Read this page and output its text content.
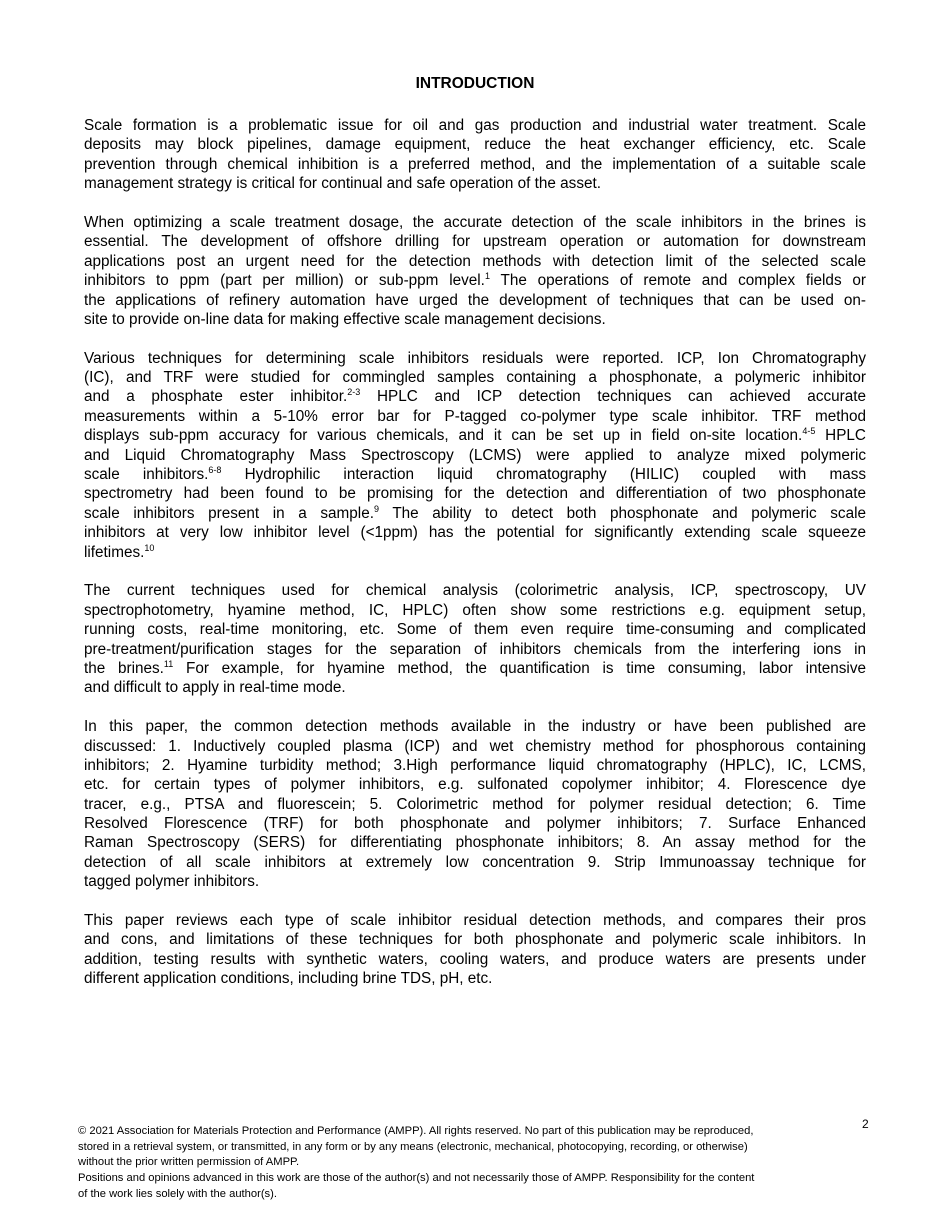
INTRODUCTION
Scale formation is a problematic issue for oil and gas production and industrial water treatment. Scale
deposits may block pipelines, damage equipment, reduce the heat exchanger efficiency, etc. Scale
prevention through chemical inhibition is a preferred method, and the implementation of a suitable scale
management strategy is critical for continual and safe operation of the asset.
When optimizing a scale treatment dosage, the accurate detection of the scale inhibitors in the brines is
essential. The development of offshore drilling for upstream operation or automation for downstream
applications post an urgent need for the detection methods with detection limit of the selected scale
inhibitors to ppm (part per million) or sub-ppm level.$^1$ The operations of remote and complex fields or
the applications of refinery automation have urged the development of techniques that can be used on-
site to provide on-line data for making effective scale management decisions.
Various techniques for determining scale inhibitors residuals were reported. ICP, Ion Chromatography
(IC), and TRF were studied for commingled samples containing a phosphonate, a polymeric inhibitor
and a phosphate ester inhibitor.$^{2-3}$ HPLC and ICP detection techniques can achieved accurate
measurements within a 5-10% error bar for P-tagged co-polymer type scale inhibitor. TRF method
displays sub-ppm accuracy for various chemicals, and it can be set up in field on-site location.$^{4-5}$ HPLC
and Liquid Chromatography Mass Spectroscopy (LCMS) were applied to analyze mixed polymeric
scale inhibitors.$^{6-8}$ Hydrophilic interaction liquid chromatography (HILIC) coupled with mass
spectrometry had been found to be promising for the detection and differentiation of two phosphonate
scale inhibitors present in a sample.$^9$ The ability to detect both phosphonate and polymeric scale
inhibitors at very low inhibitor level (<1ppm) has the potential for significantly extending scale squeeze
lifetimes.$^{10}$
The current techniques used for chemical analysis (colorimetric analysis, ICP, spectroscopy, UV
spectrophotometry, hyamine method, IC, HPLC) often show some restrictions e.g. equipment setup,
running costs, real-time monitoring, etc. Some of them even require time-consuming and complicated
pre-treatment/purification stages for the separation of inhibitors chemicals from the interfering ions in
the brines.$^{11}$ For example, for hyamine method, the quantification is time consuming, labor intensive
and difficult to apply in real-time mode.
In this paper, the common detection methods available in the industry or have been published are
discussed: 1. Inductively coupled plasma (ICP) and wet chemistry method for phosphorous containing
inhibitors; 2. Hyamine turbidity method; 3.High performance liquid chromatography (HPLC), IC, LCMS,
etc. for certain types of polymer inhibitors, e.g. sulfonated copolymer inhibitor; 4. Florescence dye
tracer, e.g., PTSA and fluorescein; 5. Colorimetric method for polymer residual detection; 6. Time
Resolved Florescence (TRF) for both phosphonate and polymer inhibitors; 7. Surface Enhanced
Raman Spectroscopy (SERS) for differentiating phosphonate inhibitors; 8. An assay method for the
detection of all scale inhibitors at extremely low concentration 9. Strip Immunoassay technique for
tagged polymer inhibitors.
This paper reviews each type of scale inhibitor residual detection methods, and compares their pros
and cons, and limitations of these techniques for both phosphonate and polymeric scale inhibitors. In
addition, testing results with synthetic waters, cooling waters, and produce waters are presents under
different application conditions, including brine TDS, pH, etc.
© 2021 Association for Materials Protection and Performance (AMPP). All rights reserved. No part of this publication may be reproduced,
stored in a retrieval system, or transmitted, in any form or by any means (electronic, mechanical, photocopying, recording, or otherwise)
without the prior written permission of AMPP.
Positions and opinions advanced in this work are those of the author(s) and not necessarily those of AMPP. Responsibility for the content
of the work lies solely with the author(s).
2
